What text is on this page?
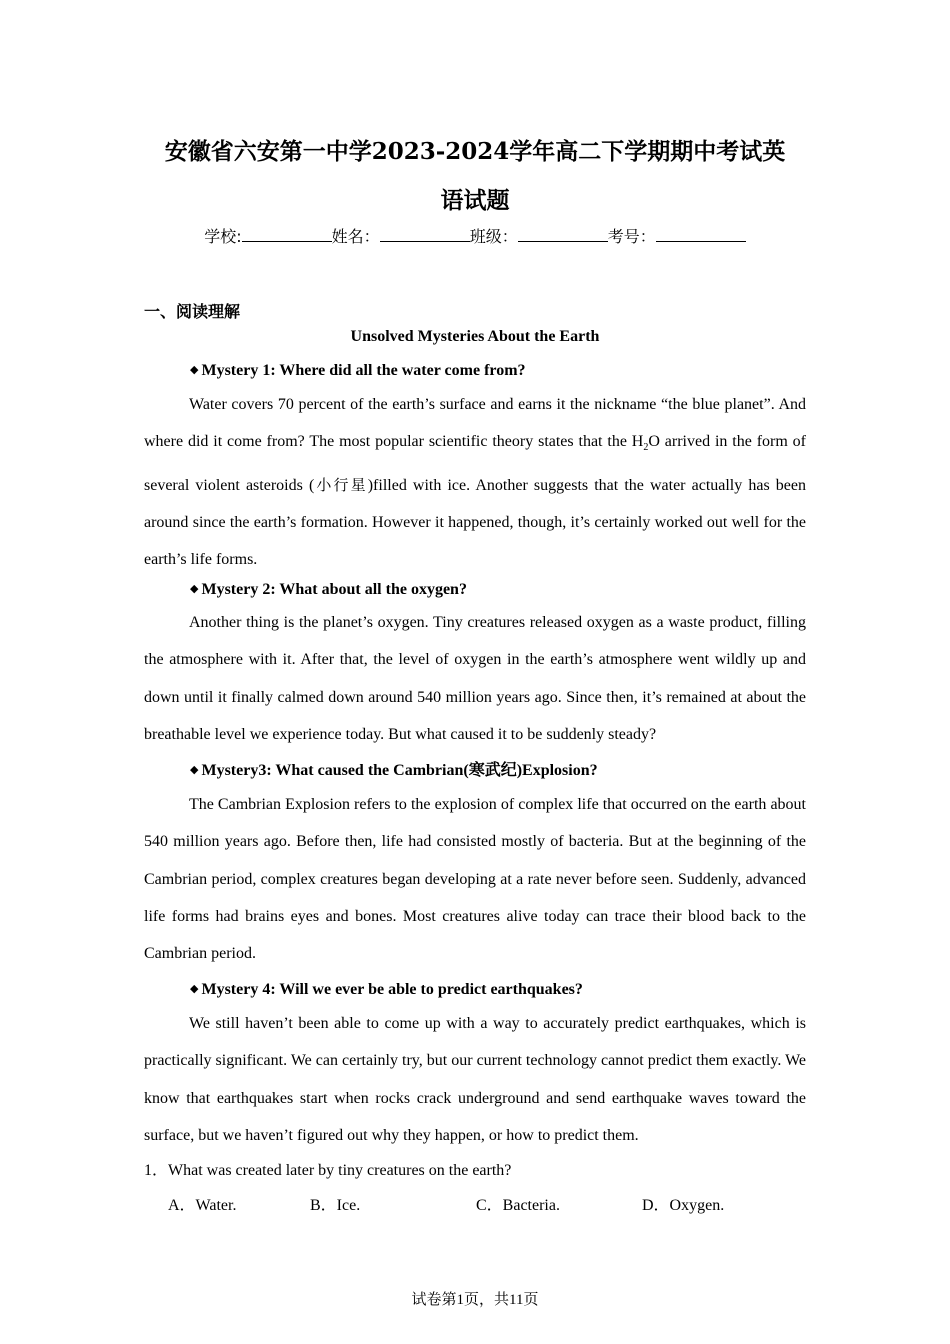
安徽省六安第一中学2023-2024学年高二下学期期中考试英
语试题
学校:	姓名：	班级：	考号：
一、阅读理解
Unsolved Mysteries About the Earth
◆ Mystery 1: Where did all the water come from?

Water covers 70 percent of the earth’s surface and earns it the nickname “the blue planet”. And where did it come from? The most popular scientific theory states that the $H_2O$ arrived in the form of several violent asteroids (小行星)filled with ice. Another suggests that the water actually has been around since the earth’s formation. However it happened, though, it’s certainly worked out well for the earth’s life forms.

◆ Mystery 2: What about all the oxygen?

Another thing is the planet’s oxygen. Tiny creatures released oxygen as a waste product, filling the atmosphere with it. After that, the level of oxygen in the earth’s atmosphere went wildly up and down until it finally calmed down around 540 million years ago. Since then, it’s remained at about the breathable level we experience today. But what caused it to be suddenly steady?

◆ Mystery3: What caused the Cambrian(寒武纪)Explosion?

The Cambrian Explosion refers to the explosion of complex life that occurred on the earth about 540 million years ago. Before then, life had consisted mostly of bacteria. But at the beginning of the Cambrian period, complex creatures began developing at a rate never before seen. Suddenly, advanced life forms had brains eyes and bones. Most creatures alive today can trace their blood back to the Cambrian period.

◆ Mystery 4: Will we ever be able to predict earthquakes?

We still haven’t been able to come up with a way to accurately predict earthquakes, which is practically significant. We can certainly try, but our current technology cannot predict them exactly. We know that earthquakes start when rocks crack underground and send earthquake waves toward the surface, but we haven’t figured out why they happen, or how to predict them.

1．What was created later by tiny creatures on the earth?
A．Water.	B．Ice.	C．Bacteria.	D．Oxygen.
试卷第1页，共11页
